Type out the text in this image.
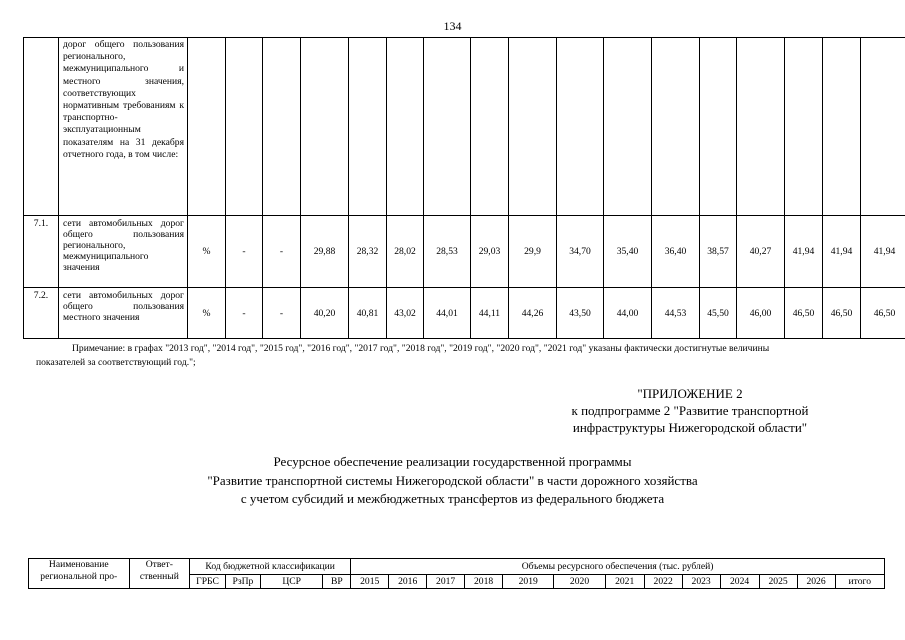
134
	дорог общего пользования регионального, межмуниципального и местного значения, соответствующих нормативным требованиям к транспортно-эксплуатационным показателям на 31 декабря отчетного года, в том числе:																	
7.1.	сети автомобильных дорог общего пользования регионального, межмуниципального значения	%	-	-	29,88	28,32	28,02	28,53	29,03	29,9	34,70	35,40	36,40	38,57	40,27	41,94	41,94	41,94
7.2.	сети автомобильных дорог общего пользования местного значения	%	-	-	40,20	40,81	43,02	44,01	44,11	44,26	43,50	44,00	44,53	45,50	46,00	46,50	46,50	46,50
Примечание: в графах "2013 год", "2014 год", "2015 год", "2016 год", "2017 год", "2018 год", "2019 год", "2020 год", "2021 год" указаны фактически достигнутые величины
показателей за соответствующий год.";
"ПРИЛОЖЕНИЕ 2
к подпрограмме 2 "Развитие транспортной
инфраструктуры Нижегородской области"
Ресурсное обеспечение реализации государственной программы
"Развитие транспортной системы Нижегородской области" в части дорожного хозяйства
с учетом субсидий и межбюджетных трансфертов из федерального бюджета
Наименование региональной про-	Ответ-ственный	Код бюджетной классификации				Объемы ресурсного обеспечения (тыс. рублей)												
		ГРБС	РзПр	ЦСР	ВР	2015	2016	2017	2018	2019	2020	2021	2022	2023	2024	2025	2026	итого
